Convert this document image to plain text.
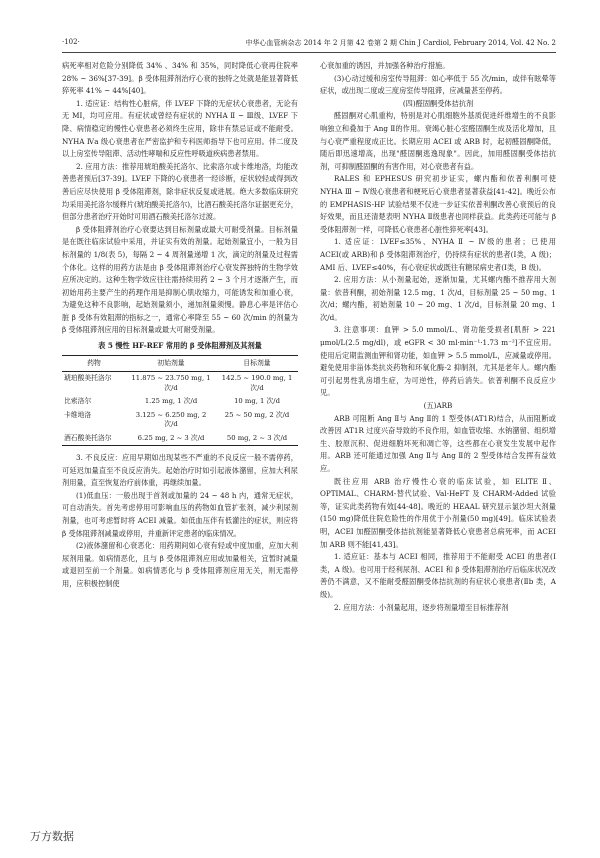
·102·	中华心血管病杂志 2014 年 2 月第 42 卷第 2 期 Chin J Cardiol, February 2014, Vol. 42 No. 2

病死率相对危险分别降低 34% 、34% 和 35%，同时降低心衰再住院率 28% ~ 36%[37-39]。β 受体阻滞剂治疗心衰的独特之处就是能显著降低猝死率 41% ~ 44%[40]。

1. 适应证：结构性心脏病，伴 LVEF 下降的无症状心衰患者，无论有无 MI，均可应用。有症状或曾经有症状的 NYHA Ⅱ ~ Ⅲ级、LVEF 下降、病情稳定的慢性心衰患者必须终生应用，除非有禁忌证或不能耐受。NYHA Ⅳa 级心衰患者在严密监护和专科医师指导下也可应用。伴二度及以上房室传导阻滞、活动性哮喘和反应性呼吸道疾病患者禁用。

2. 应用方法：推荐用琥珀酸美托洛尔、比索洛尔或卡维地洛，均能改善患者预后[37-39]。LVEF 下降的心衰患者一经诊断，症状较轻或得到改善后应尽快使用 β 受体阻滞剂，除非症状反复或进展。绝大多数临床研究均采用美托洛尔缓释片(琥珀酸美托洛尔)，比酒石酸美托洛尔证据更充分，但部分患者治疗开始时可用酒石酸美托洛尔过渡。

β 受体阻滞剂治疗心衰要达到目标剂量或最大可耐受剂量。目标剂量是在既往临床试验中采用，并证实有效的剂量。起始剂量宜小，一般为目标剂量的 1/8(表 5)，每隔 2 ~ 4 周剂量递增 1 次，滴定的剂量及过程需个体化。这样的用药方法是由 β 受体阻滞剂治疗心衰发挥独特的生物学效应所决定的。这种生物学效应往往需持续用药 2 ~ 3 个月才逐渐产生，而初始用药主要产生的药理作用是抑制心肌收缩力，可能诱发和加重心衰，为避免这种不良影响，起始剂量须小，递加剂量须慢。静息心率是评估心脏 β 受体有效阻滞的指标之一，通常心率降至 55 ~ 60 次/min 的剂量为 β 受体阻滞剂应用的目标剂量或最大可耐受剂量。

表 5 慢性 HF-REF 常用的 β 受体阻滞剂及其剂量
药物	初始剂量	目标剂量
琥珀酸美托洛尔	11.875 ~ 23.750 mg, 1 次/d	142.5 ~ 190.0 mg, 1 次/d
比索洛尔	1.25 mg, 1 次/d	10 mg, 1 次/d
卡维地洛	3.125 ~ 6.250 mg, 2 次/d	25 ~ 50 mg, 2 次/d
酒石酸美托洛尔	6.25 mg, 2 ~ 3 次/d	50 mg, 2 ~ 3 次/d

3. 不良反应：应用早期如出现某些不严重的不良反应一般不需停药，可延迟加量直至不良反应消失。起始治疗时如引起液体潴留，应加大利尿剂用量，直至恢复治疗前体重，再继续加量。

(1)低血压：一般出现于首剂或加量的 24 ~ 48 h 内，通常无症状，可自动消失。首先考虑停用可影响血压的药物如血管扩张剂，减少利尿剂剂量，也可考虑暂时将 ACEI 减量。如低血压伴有低灌注的症状，则应将 β 受体阻滞剂减量或停用，并重新评定患者的临床情况。

(2)液体潴留和心衰恶化：用药期间如心衰有轻或中度加重，应加大利尿剂用量。如病情恶化，且与 β 受体阻滞剂应用或加量相关，宜暂时减量或退回至前一个剂量。如病情恶化与 β 受体阻滞剂应用无关，则无需停用，应积极控制使

心衰加重的诱因，并加强各种治疗措施。

(3)心动过缓和房室传导阻滞：如心率低于 55 次/min，或伴有眩晕等症状，或出现二度或三度房室传导阻滞，应减量甚至停药。

(四)醛固酮受体拮抗剂

醛固酮对心肌重构，特别是对心肌细胞外基质促进纤维增生的不良影响独立和叠加于 Ang Ⅱ的作用。衰竭心脏心室醛固酮生成及活化增加，且与心衰严重程度成正比。长期应用 ACEI 或 ARB 时，起初醛固酮降低，随后即迅速增高，出现"醛固酮逃逸现象"。因此，加用醛固酮受体拮抗剂，可抑制醛固酮的有害作用，对心衰患者有益。

RALES 和 EPHESUS 研究初步证实，螺内酯和依普利酮可使 NYHA Ⅲ ~ Ⅳ级心衰患者和梗死后心衰患者显著获益[41-42]。晚近公布的 EMPHASIS-HF 试验结果不仅进一步证实依普利酮改善心衰预后的良好效果，而且还清楚表明 NYHA Ⅱ级患者也同样获益。此类药还可能与 β 受体阻滞剂一样，可降低心衰患者心脏性猝死率[43]。

1. 适应证：LVEF≤35%、NYHA Ⅱ ~ Ⅳ级的患者；已使用 ACEI(或 ARB)和 β 受体阻滞剂治疗，仍持续有症状的患者(Ⅰ类，A 级)；AMI 后、LVEF≤40%，有心衰症状或既往有糖尿病史者(Ⅰ类，B 级)。

2. 应用方法：从小剂量起始，逐渐加量，尤其螺内酯不推荐用大剂量：依普利酮，初始剂量 12.5 mg、1 次/d，目标剂量 25 ~ 50 mg、1 次/d；螺内酯，初始剂量 10 ~ 20 mg、1 次/d，目标剂量 20 mg、1 次/d。

3. 注意事项：血钾 > 5.0 mmol/L、肾功能受损者[肌酐 > 221 μmol/L(2.5 mg/dl)，或 eGFR < 30 ml·min⁻¹·1.73 m⁻²]不宜应用。使用后定期监测血钾和肾功能，如血钾 > 5.5 mmol/L，应减量或停用。避免使用非甾体类抗炎药物和环氧化酶-2 抑制剂，尤其是老年人。螺内酯可引起男性乳房增生症，为可逆性，停药后消失。依普利酮不良反应少见。

(五)ARB

ARB 可阻断 Ang Ⅱ与 Ang Ⅱ的 1 型受体(AT1R)结合，从而阻断或改善因 AT1R 过度兴奋导致的不良作用，如血管收缩、水钠潴留、组织增生、胶原沉积、促进细胞坏死和凋亡等，这些都在心衰发生发展中起作用。ARB 还可能通过加强 Ang Ⅱ与 Ang Ⅱ的 2 型受体结合发挥有益效应。

既往应用 ARB 治疗慢性心衰的临床试验，如 ELITE Ⅱ、OPTIMAL、CHARM-替代试验、Val-HeFT 及 CHARM-Added 试验等，证实此类药物有效[44-48]。晚近的 HEAAL 研究显示氯沙坦大剂量(150 mg)降低住院危险性的作用优于小剂量(50 mg)[49]。临床试验表明，ACEI 加醛固酮受体拮抗剂能显著降低心衰患者总病死率，而 ACEI 加 ARB 则不能[41,43]。

1. 适应证：基本与 ACEI 相同，推荐用于不能耐受 ACEI 的患者(Ⅰ类，A 级)。也可用于经利尿剂、ACEI 和 β 受体阻滞剂治疗后临床状况改善仍不满意，又不能耐受醛固酮受体拮抗剂的有症状心衰患者(Ⅱb 类，A 级)。

2. 应用方法：小剂量起用，逐步将剂量增至目标推荐剂

万方数据
